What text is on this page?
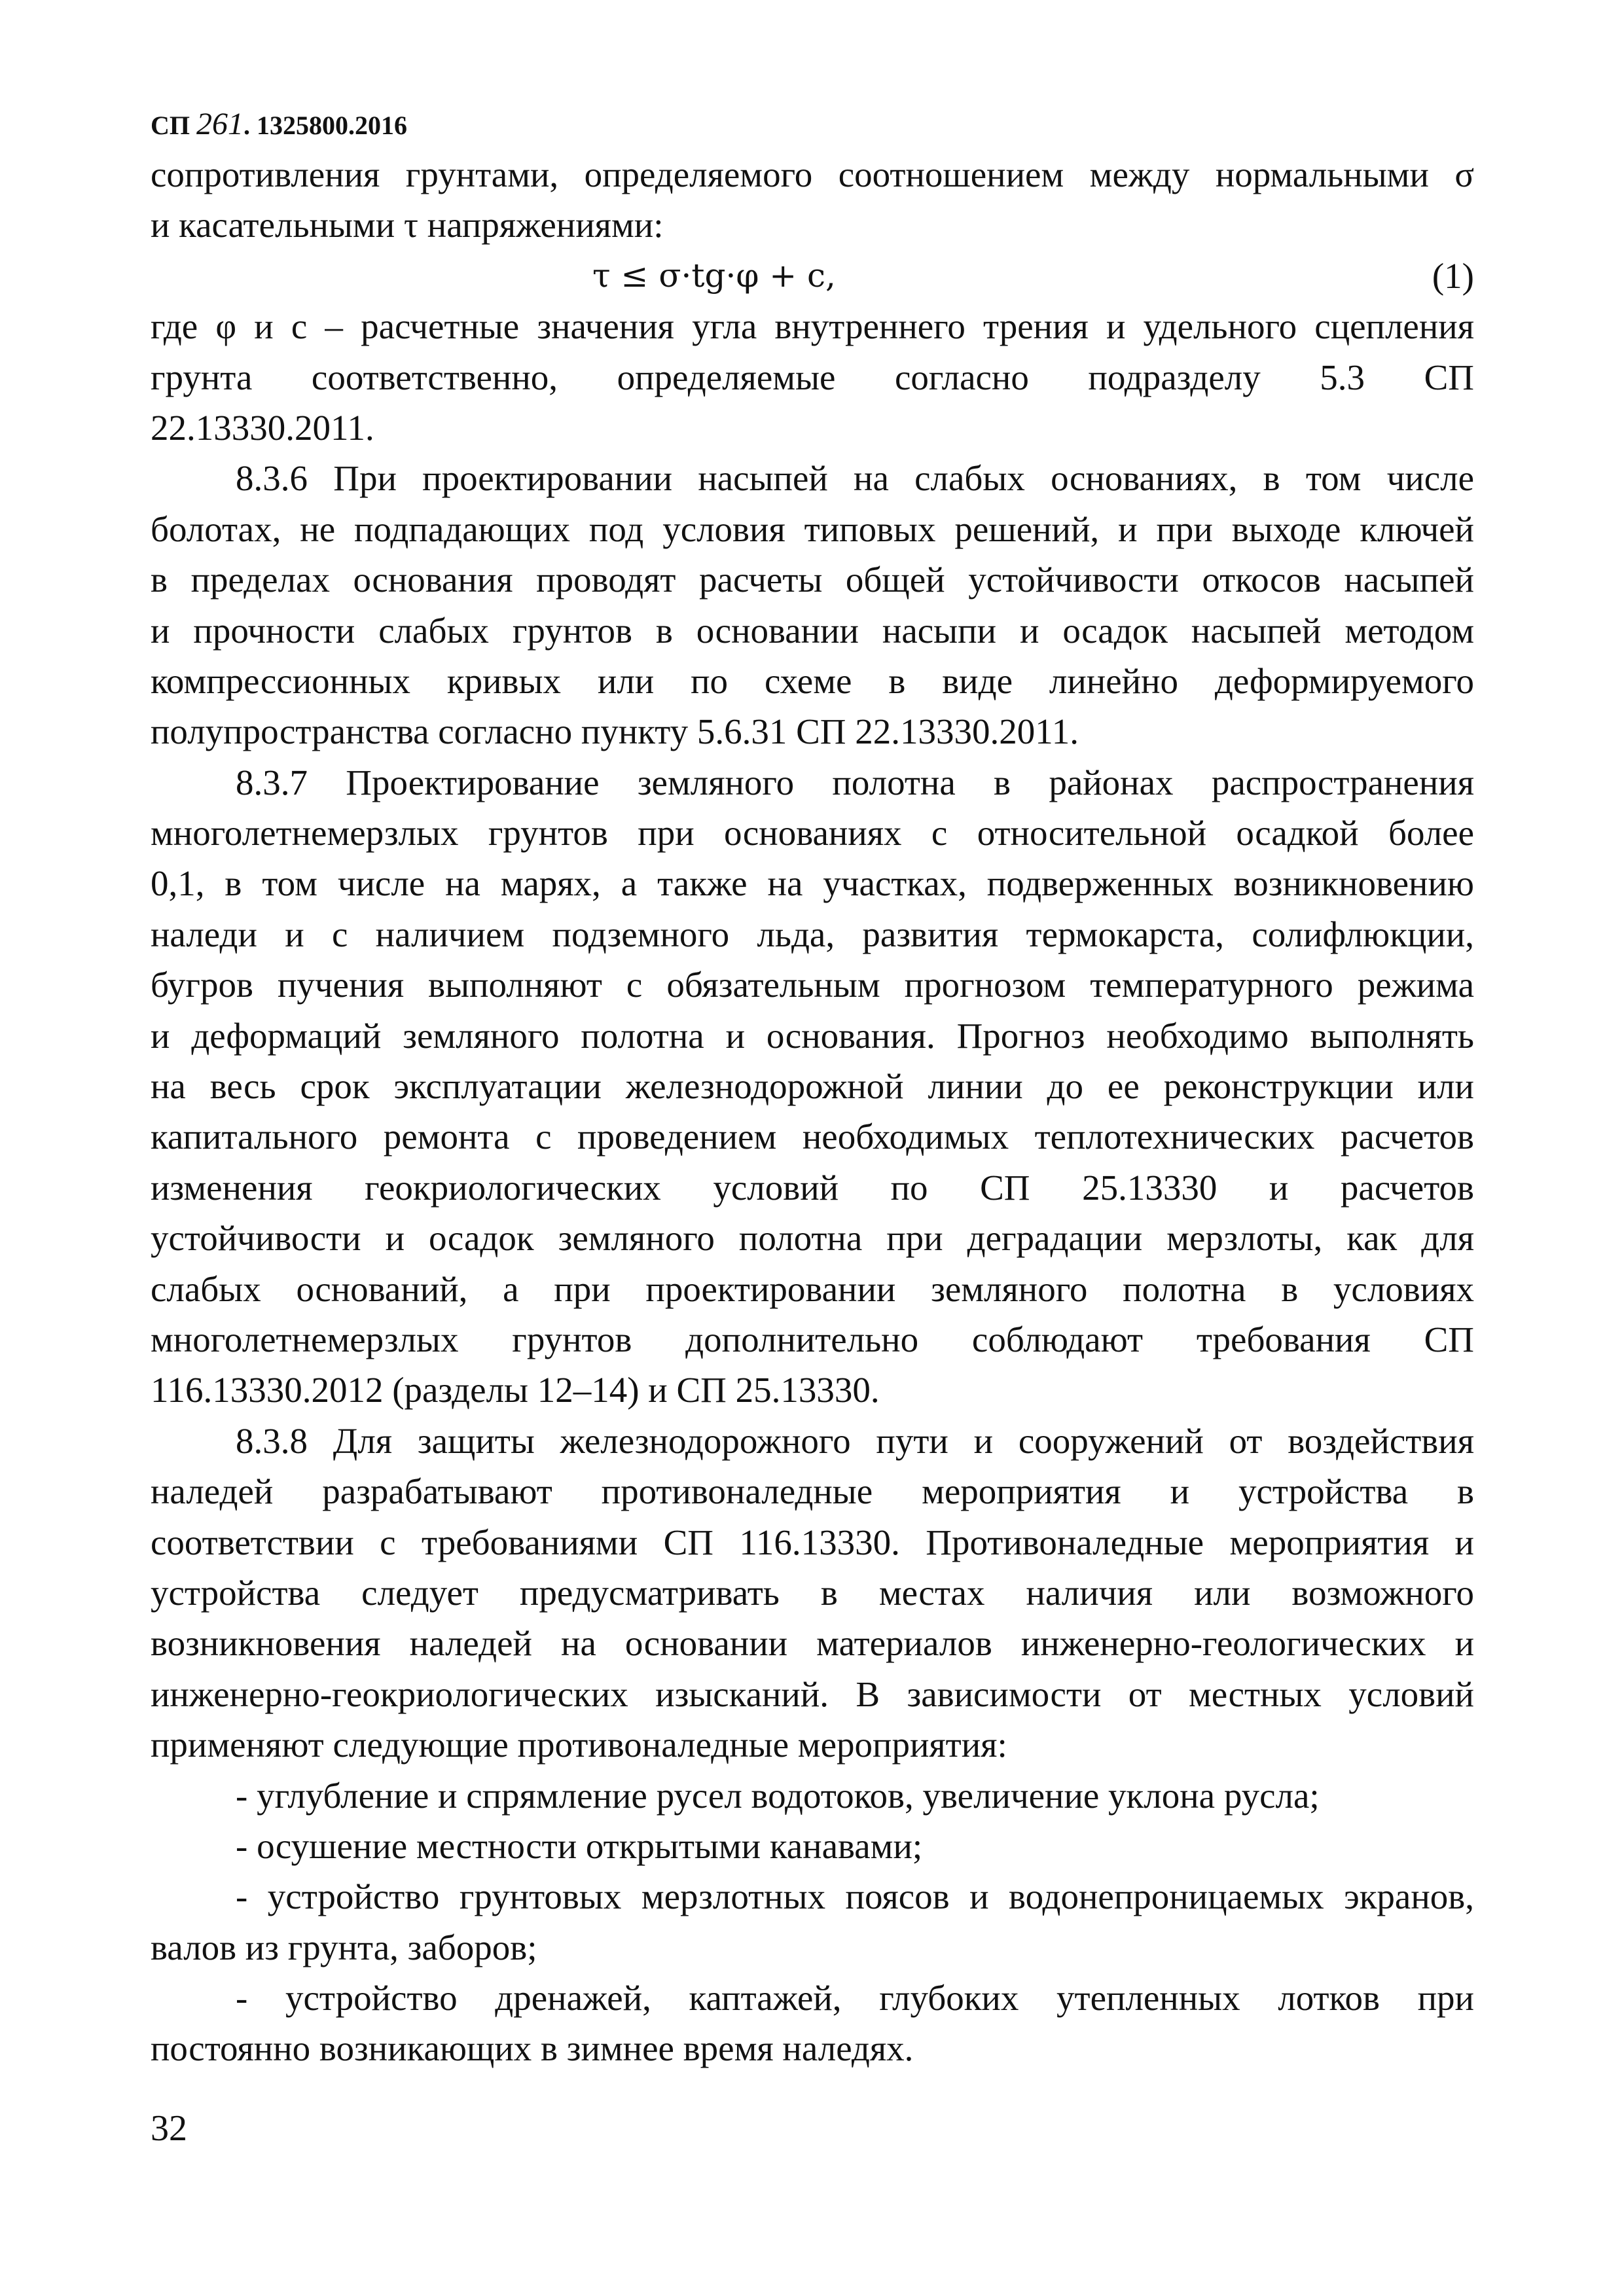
СП 261. 1325800.2016
сопротивления грунтами, определяемого соотношением между нормальными σ
и касательными τ напряжениями:
τ ≤ σ·tg·φ + c,	(1)
где φ и с – расчетные значения угла внутреннего трения и удельного сцепления
грунта соответственно, определяемые согласно подразделу 5.3 СП
22.13330.2011.
8.3.6 При проектировании насыпей на слабых основаниях, в том числе
болотах, не подпадающих под условия типовых решений, и при выходе ключей
в пределах основания проводят расчеты общей устойчивости откосов насыпей
и прочности слабых грунтов в основании насыпи и осадок насыпей методом
компрессионных кривых или по схеме в виде линейно деформируемого
полупространства согласно пункту 5.6.31 СП 22.13330.2011.
8.3.7 Проектирование земляного полотна в районах распространения
многолетнемерзлых грунтов при основаниях с относительной осадкой более
0,1, в том числе на марях, а также на участках, подверженных возникновению
наледи и с наличием подземного льда, развития термокарста, солифлюкции,
бугров пучения выполняют с обязательным прогнозом температурного режима
и деформаций земляного полотна и основания. Прогноз необходимо выполнять
на весь срок эксплуатации железнодорожной линии до ее реконструкции или
капитального ремонта с проведением необходимых теплотехнических расчетов
изменения геокриологических условий по СП 25.13330 и расчетов
устойчивости и осадок земляного полотна при деградации мерзлоты, как для
слабых оснований, а при проектировании земляного полотна в условиях
многолетнемерзлых грунтов дополнительно соблюдают требования СП
116.13330.2012 (разделы 12–14) и СП 25.13330.
8.3.8 Для защиты железнодорожного пути и сооружений от воздействия
наледей разрабатывают противоналедные мероприятия и устройства в
соответствии с требованиями СП 116.13330. Противоналедные мероприятия и
устройства следует предусматривать в местах наличия или возможного
возникновения наледей на основании материалов инженерно-геологических и
инженерно-геокриологических изысканий. В зависимости от местных условий
применяют следующие противоналедные мероприятия:
- углубление и спрямление русел водотоков, увеличение уклона русла;
- осушение местности открытыми канавами;
- устройство грунтовых мерзлотных поясов и водонепроницаемых экранов,
валов из грунта, заборов;
- устройство дренажей, каптажей, глубоких утепленных лотков при
постоянно возникающих в зимнее время наледях.
32
